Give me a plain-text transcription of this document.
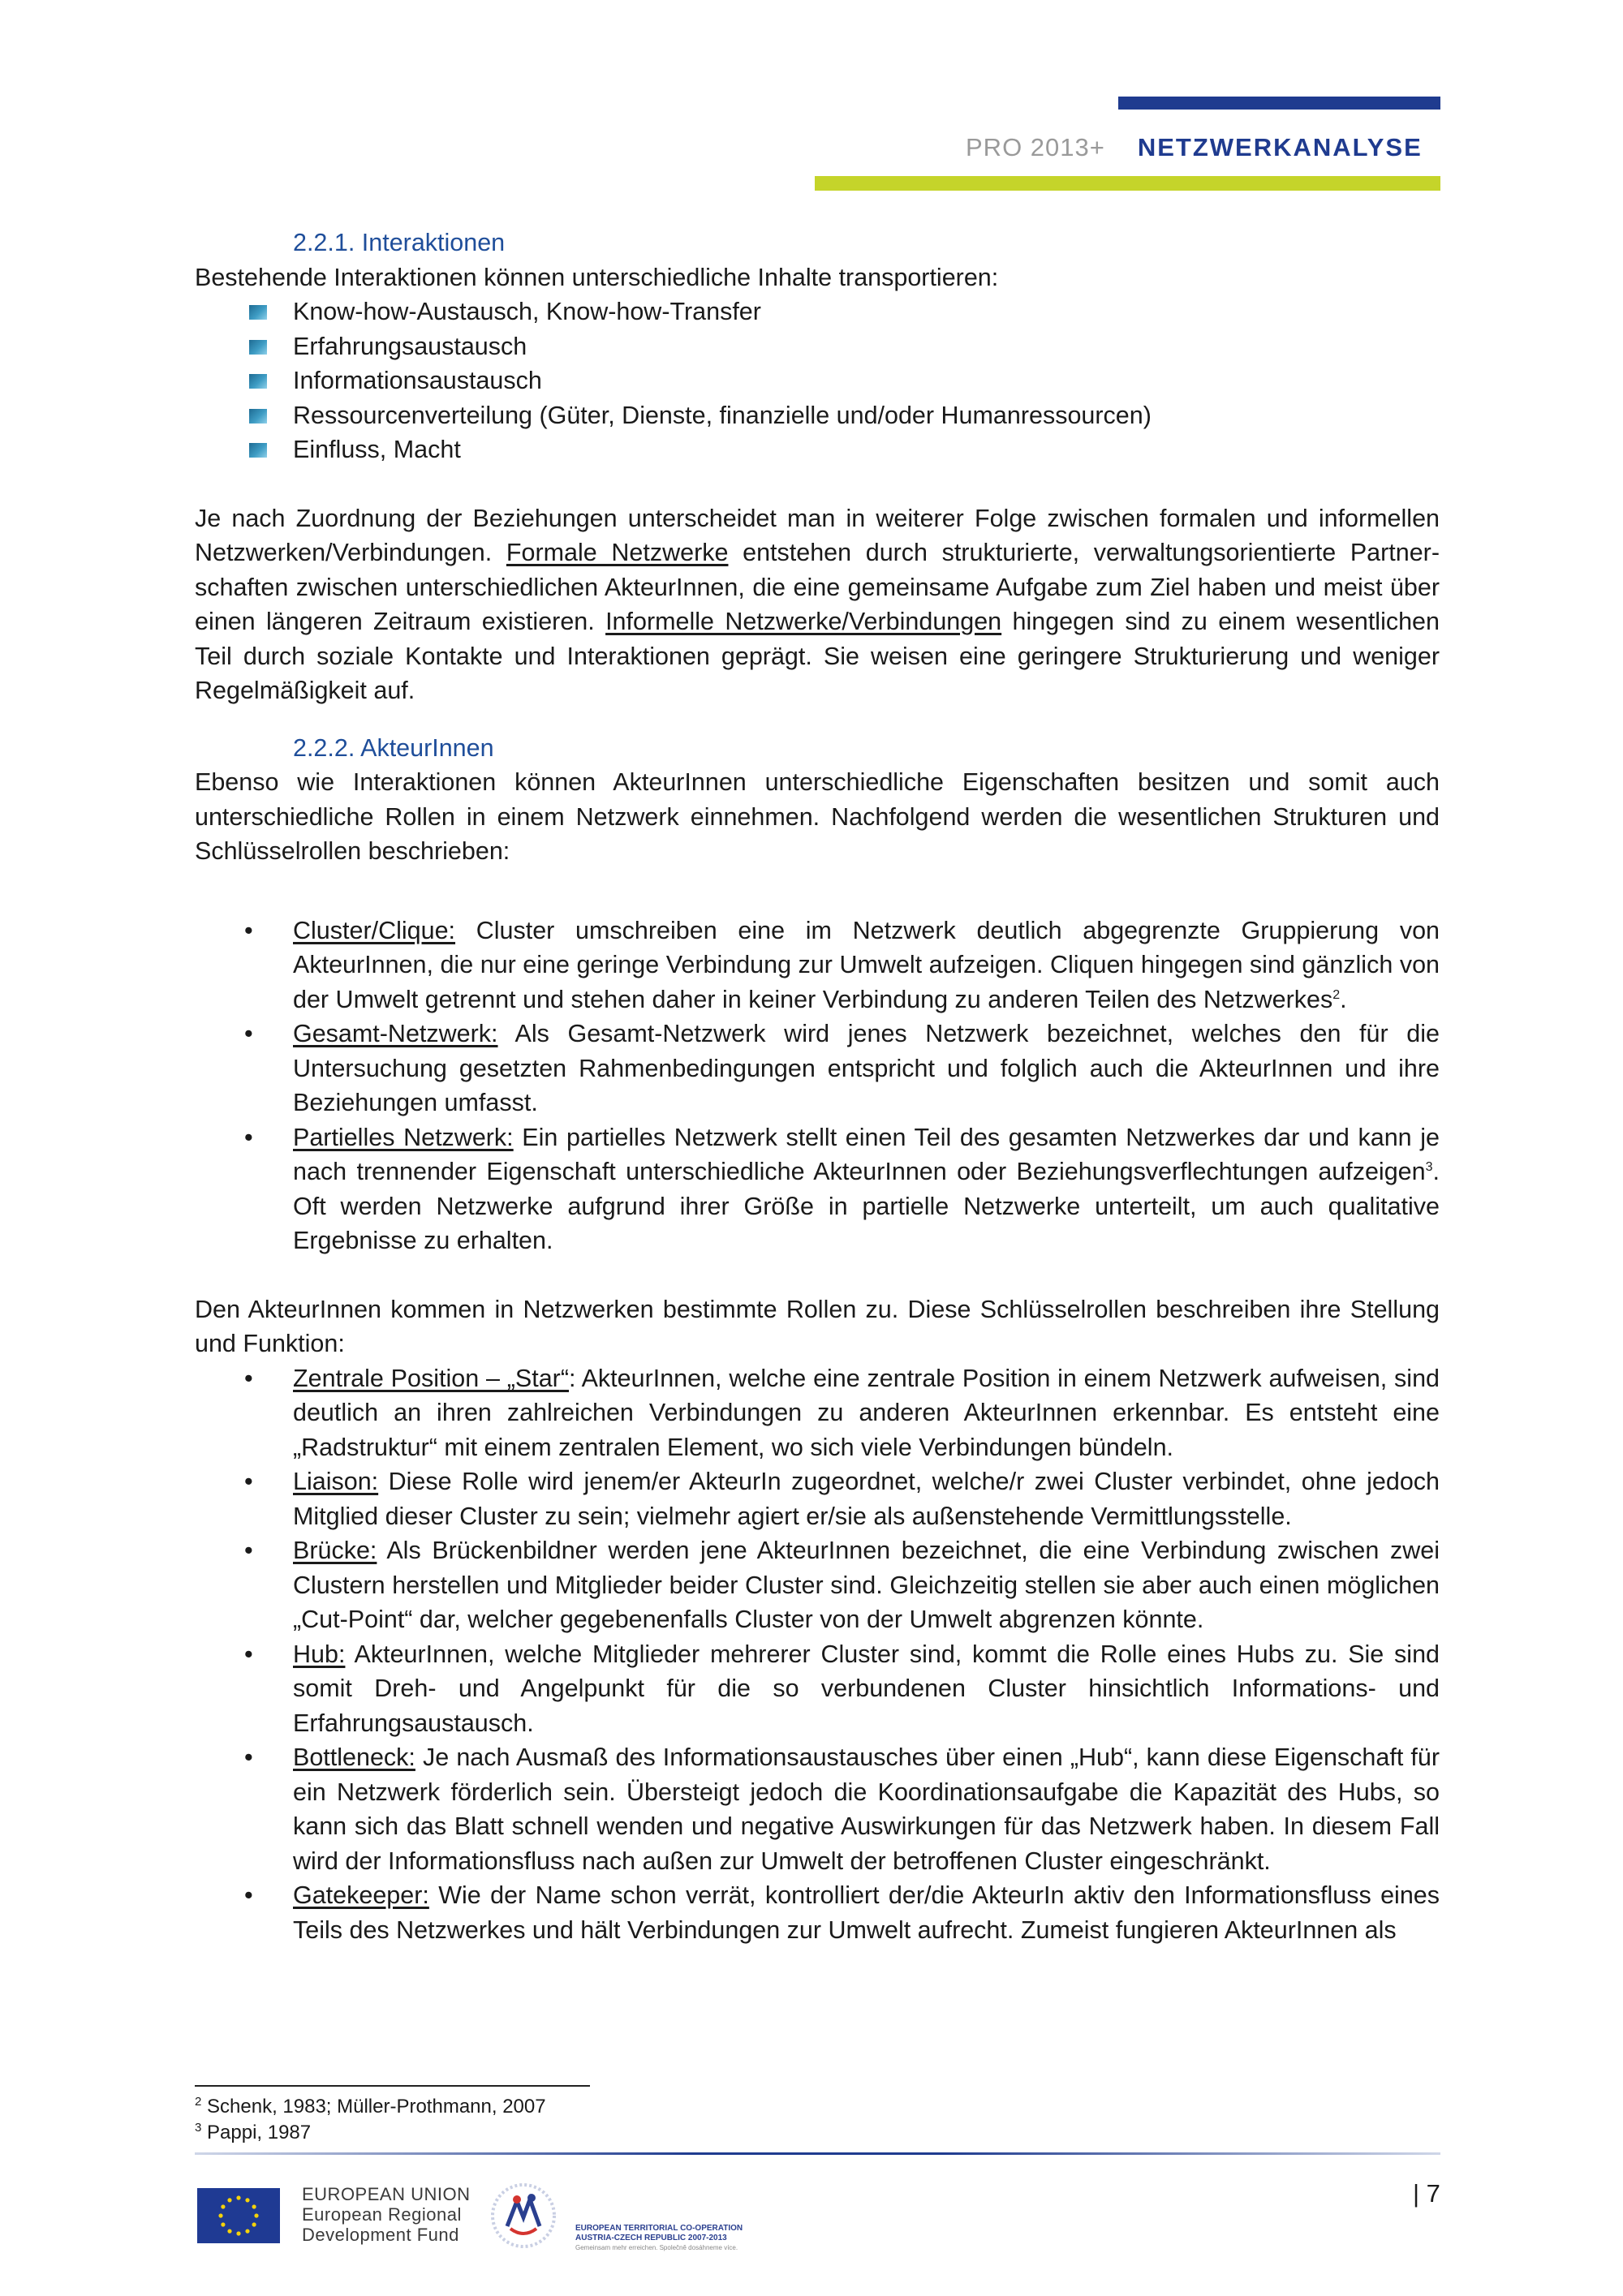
PRO 2013+ NETZWERKANALYSE
2.2.1. Interaktionen
Bestehende Interaktionen können unterschiedliche Inhalte transportieren:
Know-how-Austausch, Know-how-Transfer
Erfahrungsaustausch
Informationsaustausch
Ressourcenverteilung (Güter, Dienste, finanzielle und/oder Humanressourcen)
Einfluss, Macht

Je nach Zuordnung der Beziehungen unterscheidet man in weiterer Folge zwischen formalen und informellen Netzwerken/Verbindungen. Formale Netzwerke entstehen durch strukturierte, verwaltungsorientierte Partner-schaften zwischen unterschiedlichen AkteurInnen, die eine gemeinsame Aufgabe zum Ziel haben und meist über einen längeren Zeitraum existieren. Informelle Netzwerke/Verbindungen hingegen sind zu einem wesentlichen Teil durch soziale Kontakte und Interaktionen geprägt. Sie weisen eine geringere Strukturierung und weniger Regelmäßigkeit auf.

2.2.2. AkteurInnen

Ebenso wie Interaktionen können AkteurInnen unterschiedliche Eigenschaften besitzen und somit auch unterschiedliche Rollen in einem Netzwerk einnehmen. Nachfolgend werden die wesentlichen Strukturen und Schlüsselrollen beschrieben:

• Cluster/Clique: Cluster umschreiben eine im Netzwerk deutlich abgegrenzte Gruppierung von AkteurInnen, die nur eine geringe Verbindung zur Umwelt aufzeigen. Cliquen hingegen sind gänzlich von der Umwelt getrennt und stehen daher in keiner Verbindung zu anderen Teilen des Netzwerkes$^2$.
• Gesamt-Netzwerk: Als Gesamt-Netzwerk wird jenes Netzwerk bezeichnet, welches den für die Untersuchung gesetzten Rahmenbedingungen entspricht und folglich auch die AkteurInnen und ihre Beziehungen umfasst.
• Partielles Netzwerk: Ein partielles Netzwerk stellt einen Teil des gesamten Netzwerkes dar und kann je nach trennender Eigenschaft unterschiedliche AkteurInnen oder Beziehungsverflechtungen aufzeigen$^3$. Oft werden Netzwerke aufgrund ihrer Größe in partielle Netzwerke unterteilt, um auch qualitative Ergebnisse zu erhalten.

Den AkteurInnen kommen in Netzwerken bestimmte Rollen zu. Diese Schlüsselrollen beschreiben ihre Stellung und Funktion:

• Zentrale Position – „Star“: AkteurInnen, welche eine zentrale Position in einem Netzwerk aufweisen, sind deutlich an ihren zahlreichen Verbindungen zu anderen AkteurInnen erkennbar. Es entsteht eine „Radstruktur“ mit einem zentralen Element, wo sich viele Verbindungen bündeln.
• Liaison: Diese Rolle wird jenem/er AkteurIn zugeordnet, welche/r zwei Cluster verbindet, ohne jedoch Mitglied dieser Cluster zu sein; vielmehr agiert er/sie als außenstehende Vermittlungsstelle.
• Brücke: Als Brückenbildner werden jene AkteurInnen bezeichnet, die eine Verbindung zwischen zwei Clustern herstellen und Mitglieder beider Cluster sind. Gleichzeitig stellen sie aber auch einen möglichen „Cut-Point“ dar, welcher gegebenenfalls Cluster von der Umwelt abgrenzen könnte.
• Hub: AkteurInnen, welche Mitglieder mehrerer Cluster sind, kommt die Rolle eines Hubs zu. Sie sind somit Dreh- und Angelpunkt für die so verbundenen Cluster hinsichtlich Informations- und Erfahrungsaustausch.
• Bottleneck: Je nach Ausmaß des Informationsaustausches über einen „Hub“, kann diese Eigenschaft für ein Netzwerk förderlich sein. Übersteigt jedoch die Koordinationsaufgabe die Kapazität des Hubs, so kann sich das Blatt schnell wenden und negative Auswirkungen für das Netzwerk haben. In diesem Fall wird der Informationsfluss nach außen zur Umwelt der betroffenen Cluster eingeschränkt.
• Gatekeeper: Wie der Name schon verrät, kontrolliert der/die AkteurIn aktiv den Informationsfluss eines Teils des Netzwerkes und hält Verbindungen zur Umwelt aufrecht. Zumeist fungieren AkteurInnen als
$^2$ Schenk, 1983; Müller-Prothmann, 2007
$^3$ Pappi, 1987
EUROPEAN UNION
European Regional
Development Fund	EUROPEAN TERRITORIAL CO-OPERATION
AUSTRIA-CZECH REPUBLIC 2007-2013
Gemeinsam mehr erreichen. Společně dosáhneme více.
| 7
